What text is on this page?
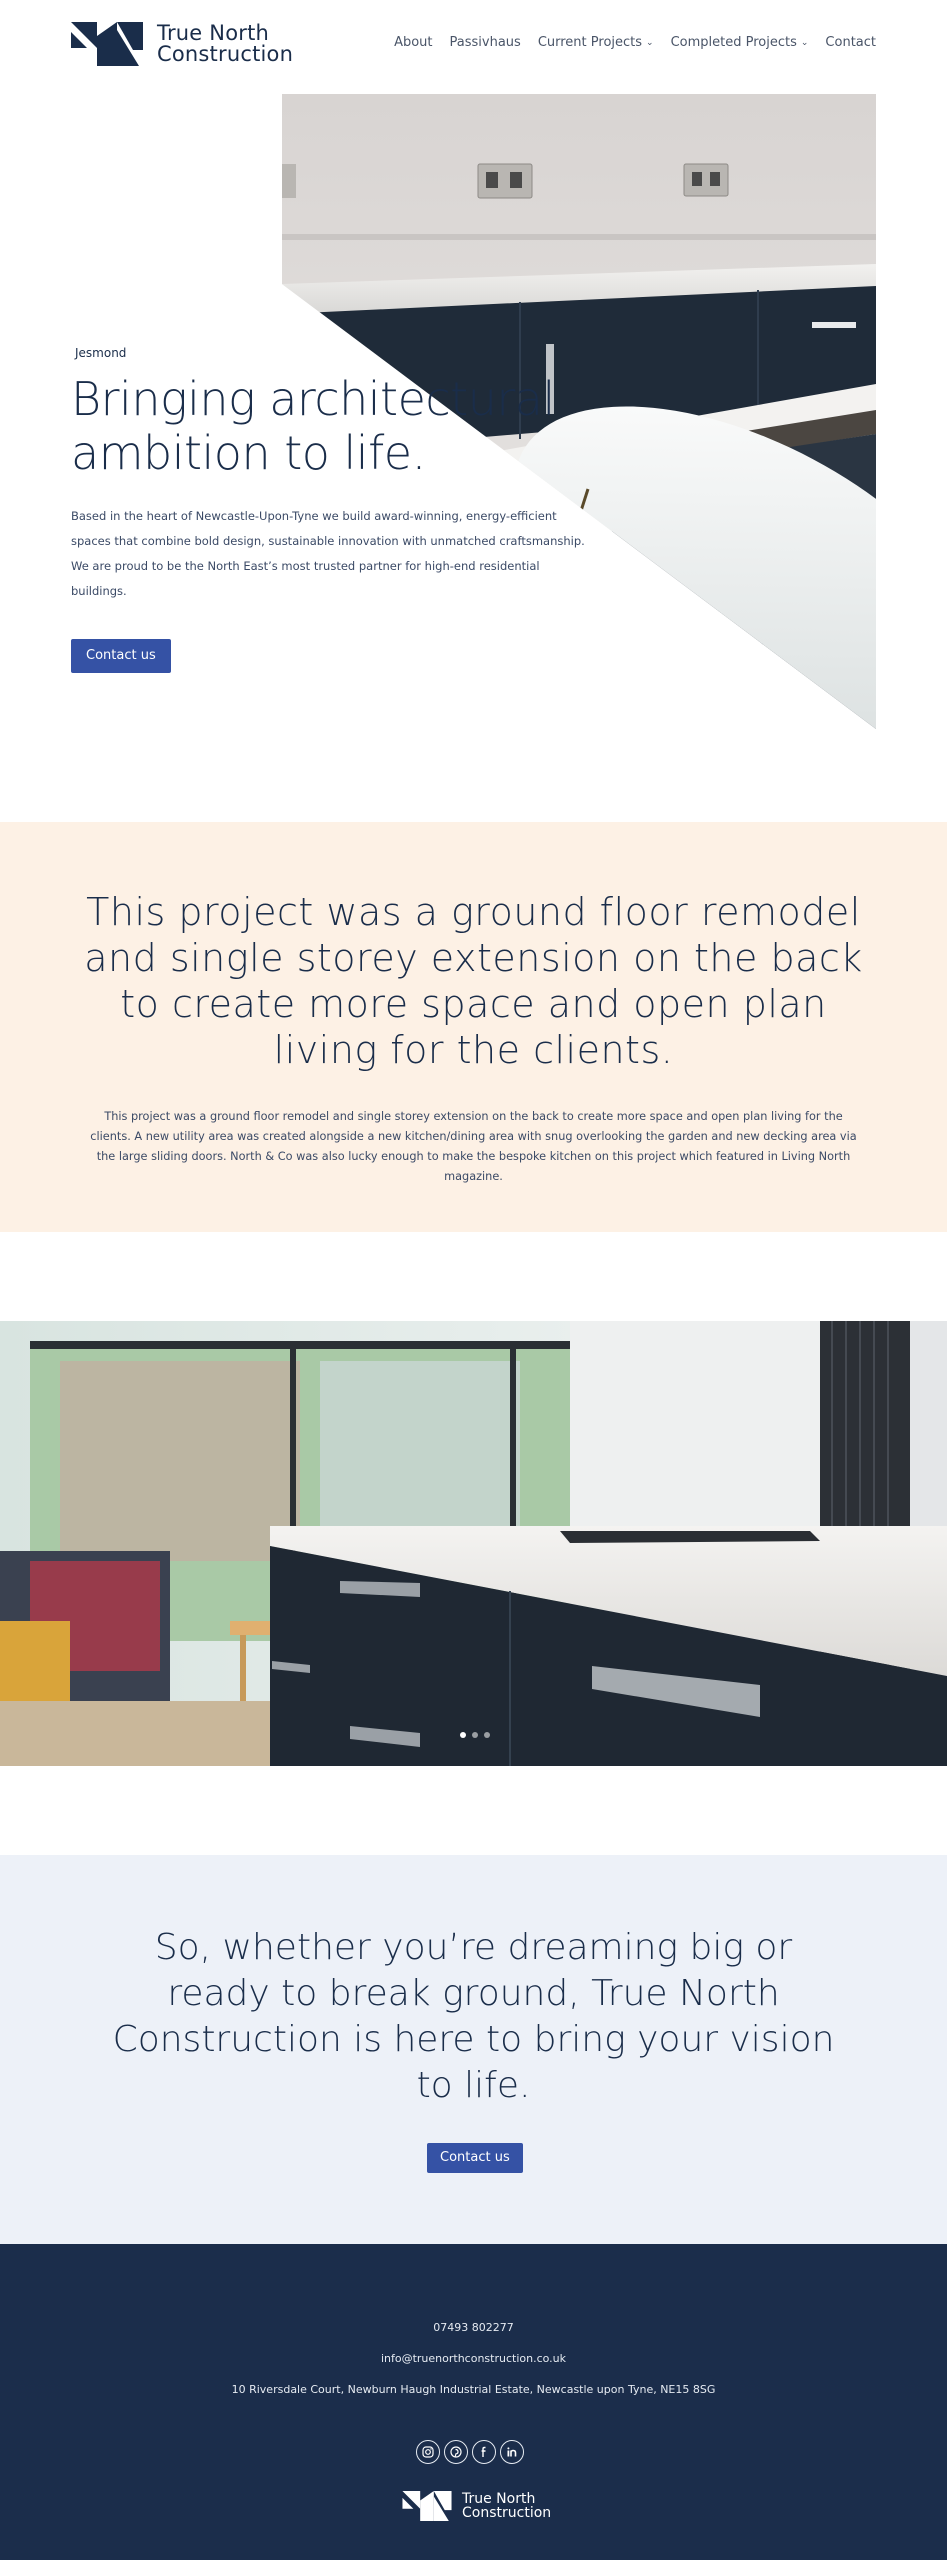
True North
Construction	About Passivhaus Current Projects ⌄ Completed Projects ⌄ Contact
Jesmond
Bringing architectural ambition to life.

Based in the heart of Newcastle-Upon-Tyne we build award-winning, energy-efficient spaces that combine bold design, sustainable innovation with unmatched craftsmanship. We are proud to be the North East’s most trusted partner for high-end residential buildings.

Contact us
This project was a ground floor remodel and single storey extension on the back to create more space and open plan living for the clients.

This project was a ground floor remodel and single storey extension on the back to create more space and open plan living for the clients. A new utility area was created alongside a new kitchen/dining area with snug overlooking the garden and new decking area via the large sliding doors. North & Co was also lucky enough to make the bespoke kitchen on this project which featured in Living North magazine.

So, whether you’re dreaming big or ready to break ground, True North Construction is here to bring your vision to life.
Contact us
07493 802277
info@truenorthconstruction.co.uk
10 Riversdale Court, Newburn Haugh Industrial Estate, Newcastle upon Tyne, NE15 8SG
True North
Construction
